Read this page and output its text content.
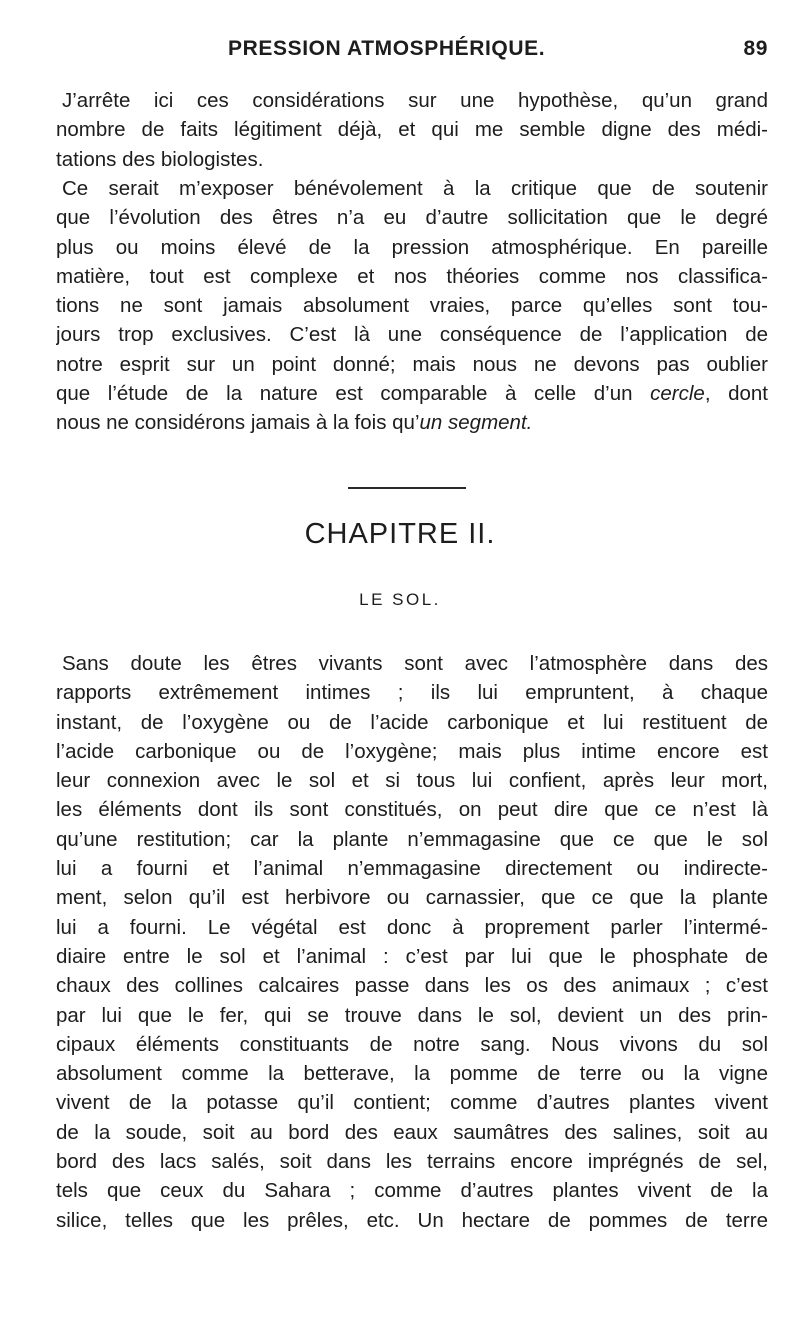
PRESSION ATMOSPHÉRIQUE.	89
J’arrête ici ces considérations sur une hypothèse, qu’un grand
nombre de faits légitiment déjà, et qui me semble digne des médi-
tations des biologistes.
Ce serait m’exposer bénévolement à la critique que de soutenir
que l’évolution des êtres n’a eu d’autre sollicitation que le degré
plus ou moins élevé de la pression atmosphérique. En pareille
matière, tout est complexe et nos théories comme nos classifica-
tions ne sont jamais absolument vraies, parce qu’elles sont tou-
jours trop exclusives. C’est là une conséquence de l’application de
notre esprit sur un point donné; mais nous ne devons pas oublier
que l’étude de la nature est comparable à celle d’un cercle, dont
nous ne considérons jamais à la fois qu’un segment.
CHAPITRE II.
LE SOL.
Sans doute les êtres vivants sont avec l’atmosphère dans des
rapports extrêmement intimes ; ils lui empruntent, à chaque
instant, de l’oxygène ou de l’acide carbonique et lui restituent de
l’acide carbonique ou de l’oxygène; mais plus intime encore est
leur connexion avec le sol et si tous lui confient, après leur mort,
les éléments dont ils sont constitués, on peut dire que ce n’est là
qu’une restitution; car la plante n’emmagasine que ce que le sol
lui a fourni et l’animal n’emmagasine directement ou indirecte-
ment, selon qu’il est herbivore ou carnassier, que ce que la plante
lui a fourni. Le végétal est donc à proprement parler l’intermé-
diaire entre le sol et l’animal : c’est par lui que le phosphate de
chaux des collines calcaires passe dans les os des animaux ; c’est
par lui que le fer, qui se trouve dans le sol, devient un des prin-
cipaux éléments constituants de notre sang. Nous vivons du sol
absolument comme la betterave, la pomme de terre ou la vigne
vivent de la potasse qu’il contient; comme d’autres plantes vivent
de la soude, soit au bord des eaux saumâtres des salines, soit au
bord des lacs salés, soit dans les terrains encore imprégnés de sel,
tels que ceux du Sahara ; comme d’autres plantes vivent de la
silice, telles que les prêles, etc. Un hectare de pommes de terre
